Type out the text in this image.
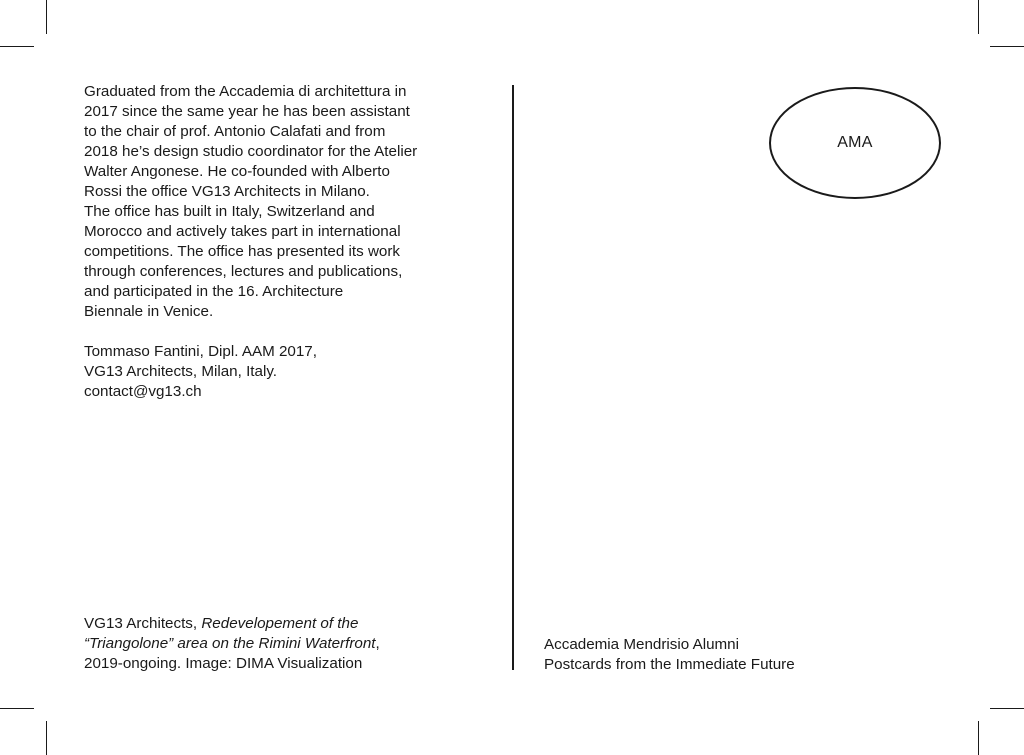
Graduated from the Accademia di architettura in
2017 since the same year he has been assistant
to the chair of prof. Antonio Calafati and from
2018 he’s design studio coordinator for the Atelier
Walter Angonese. He co-founded with Alberto
Rossi the office VG13 Architects in Milano.
The office has built in Italy, Switzerland and
Morocco and actively takes part in international
competitions. The office has presented its work
through conferences, lectures and publications,
and participated in the 16. Architecture
Biennale in Venice.
Tommaso Fantini, Dipl. AAM 2017,
VG13 Architects, Milan, Italy.
contact@vg13.ch
VG13 Architects, Redevelopement of the
“Triangolone” area on the Rimini Waterfront,
2019-ongoing. Image: DIMA Visualization
AMA
Accademia Mendrisio Alumni
Postcards from the Immediate Future
